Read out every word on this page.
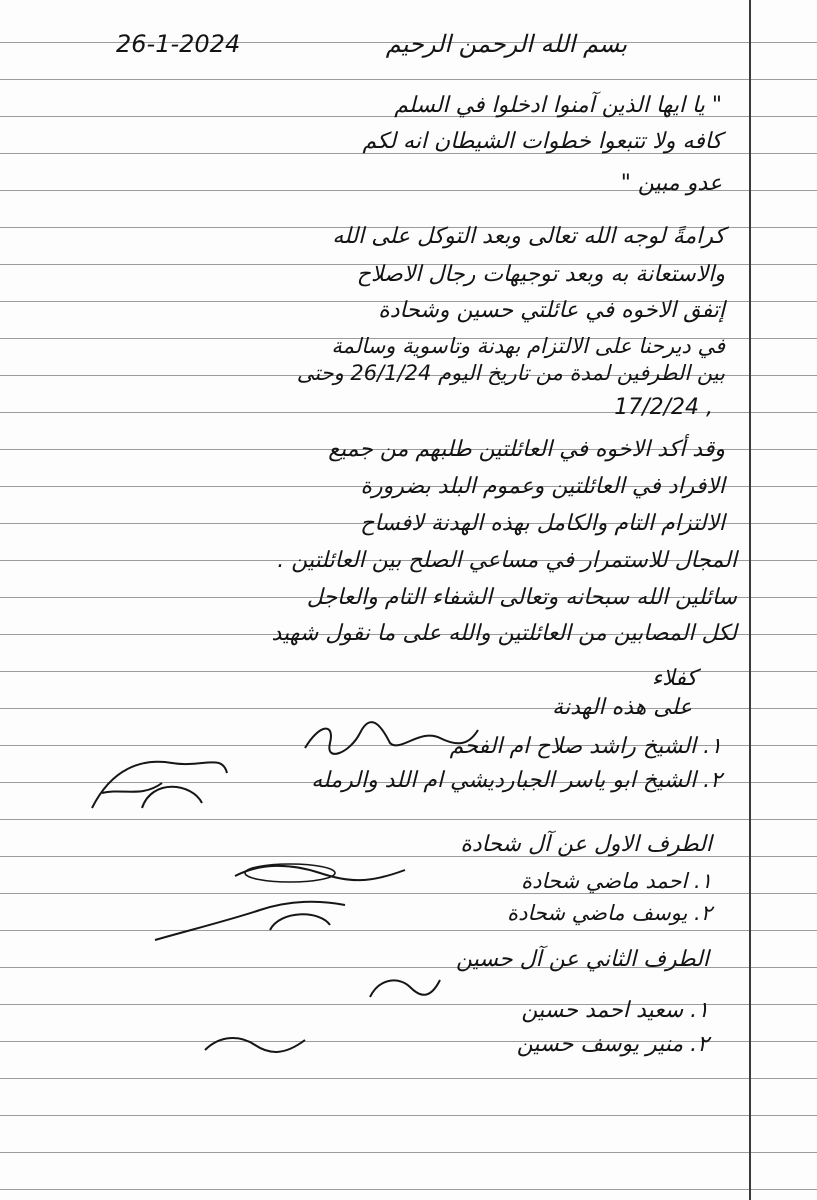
بسم الله الرحمن الرحيم
26-1-2024
" يا ايها الذين آمنوا ادخلوا في السلم
كافه ولا تتبعوا خطوات الشيطان انه لكم
عدو مبين "
كرامةً لوجه الله تعالى وبعد التوكل على الله
والاستعانة به وبعد توجيهات رجال الاصلاح
إتفق الاخوه في عائلتي حسين وشحادة
في ديرحنا على الالتزام بهدنة وتاسوية وسالمة
بين الطرفين لمدة من تاريخ اليوم 26/1/24 وحتى
17/2/24 ,
وقد أكد الاخوه في العائلتين طلبهم من جميع
الافراد في العائلتين وعموم البلد بضرورة
الالتزام التام والكامل بهذه الهدنة لافساح
المجال للاستمرار في مساعي الصلح بين العائلتين .
سائلين الله سبحانه وتعالى الشفاء التام والعاجل
لكل المصابين من العائلتين والله على ما نقول شهيد
كفلاء
على هذه الهدنة
١. الشيخ راشد صلاح ام الفحم
٢. الشيخ ابو ياسر الجبارديشي ام اللد والرمله
الطرف الاول عن آل شحادة
١. احمد ماضي شحادة
٢. يوسف ماضي شحادة
الطرف الثاني عن آل حسين
١. سعيد احمد حسين
٢. منير يوسف حسين
